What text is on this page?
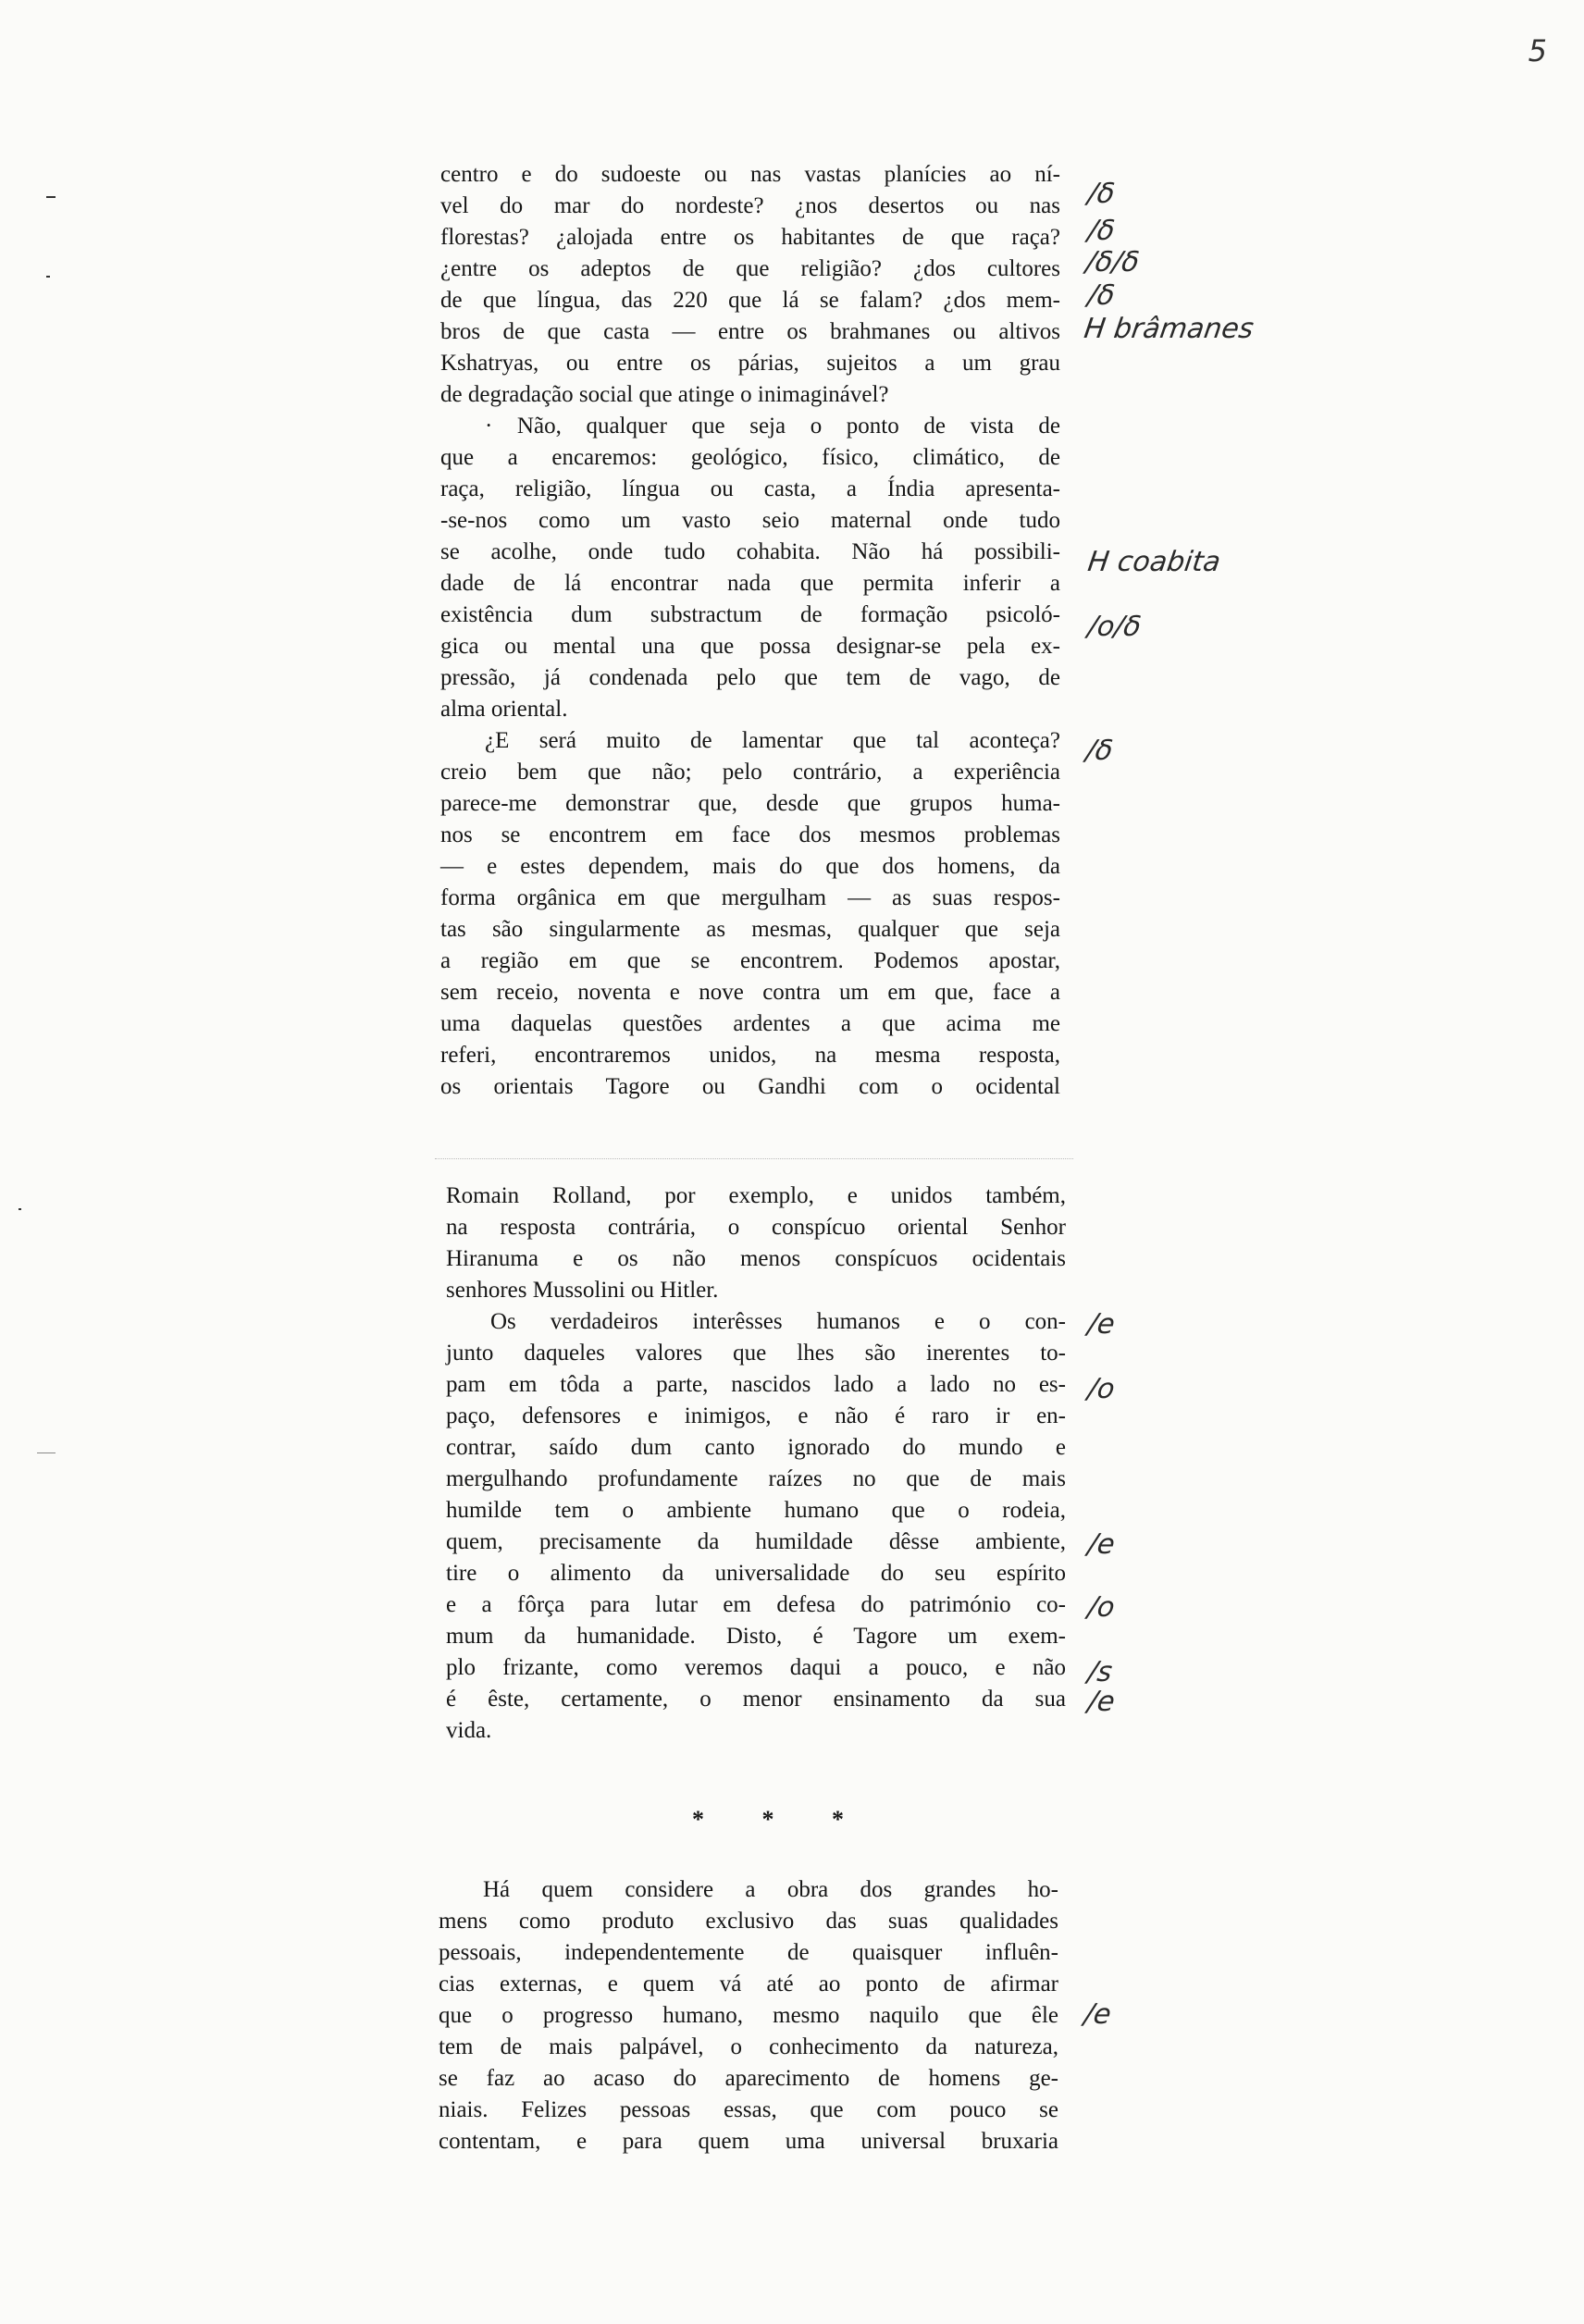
5
centro e do sudoeste ou nas vastas planícies ao ní-
vel do mar do nordeste? ¿nos desertos ou nas
florestas? ¿alojada entre os habitantes de que raça?
¿entre os adeptos de que religião? ¿dos cultores
de que língua, das 220 que lá se falam? ¿dos mem-
bros de que casta — entre os brahmanes ou altivos
Kshatryas, ou entre os párias, sujeitos a um grau
de degradação social que atinge o inimaginável?
· Não, qualquer que seja o ponto de vista de
que a encaremos: geológico, físico, climático, de
raça, religião, língua ou casta, a Índia apresenta-
-se-nos como um vasto seio maternal onde tudo
se acolhe, onde tudo cohabita. Não há possibili-
dade de lá encontrar nada que permita inferir a
existência dum substractum de formação psicoló-
gica ou mental una que possa designar-se pela ex-
pressão, já condenada pelo que tem de vago, de
alma oriental.
¿E será muito de lamentar que tal aconteça?
creio bem que não; pelo contrário, a experiência
parece-me demonstrar que, desde que grupos huma-
nos se encontrem em face dos mesmos problemas
— e estes dependem, mais do que dos homens, da
forma orgânica em que mergulham — as suas respos-
tas são singularmente as mesmas, qualquer que seja
a região em que se encontrem. Podemos apostar,
sem receio, noventa e nove contra um em que, face a
uma daquelas questões ardentes a que acima me
referi, encontraremos unidos, na mesma resposta,
os orientais Tagore ou Gandhi com o ocidental
Romain Rolland, por exemplo, e unidos também,
na resposta contrária, o conspícuo oriental Senhor
Hiranuma e os não menos conspícuos ocidentais
senhores Mussolini ou Hitler.
Os verdadeiros interêsses humanos e o con-
junto daqueles valores que lhes são inerentes to-
pam em tôda a parte, nascidos lado a lado no es-
paço, defensores e inimigos, e não é raro ir en-
contrar, saído dum canto ignorado do mundo e
mergulhando profundamente raízes no que de mais
humilde tem o ambiente humano que o rodeia,
quem, precisamente da humildade dêsse ambiente,
tire o alimento da universalidade do seu espírito
e a fôrça para lutar em defesa do património co-
mum da humanidade. Disto, é Tagore um exem-
plo frizante, como veremos daqui a pouco, e não
é êste, certamente, o menor ensinamento da sua
vida.
* * *
Há quem considere a obra dos grandes ho-
mens como produto exclusivo das suas qualidades
pessoais, independentemente de quaisquer influên-
cias externas, e quem vá até ao ponto de afirmar
que o progresso humano, mesmo naquilo que êle
tem de mais palpável, o conhecimento da natureza,
se faz ao acaso do aparecimento de homens ge-
niais. Felizes pessoas essas, que com pouco se
contentam, e para quem uma universal bruxaria
/δ
/δ
/δ/δ
/δ
H brâmanes
H coabita
/o/δ
/δ
/e
/o
/e
/o
/s
/e
/e
